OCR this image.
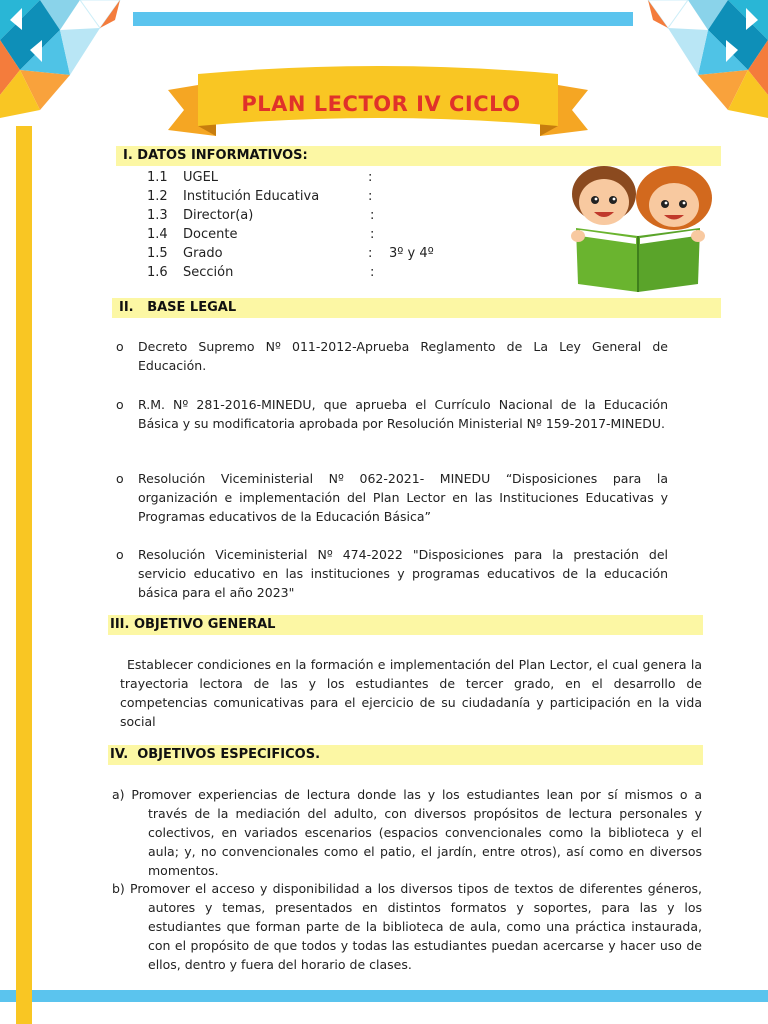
PLAN LECTOR IV CICLO
I. DATOS INFORMATIVOS:
1.1 UGEL	:
1.2 Institución Educativa	:
1.3 Director(a)	:
1.4 Docente	:
1.5 Grado	: 3º y 4º
1.6 Sección	:
II.   BASE LEGAL
o Decreto Supremo Nº 011-2012-Aprueba Reglamento de La Ley General de Educación.
o R.M. Nº 281-2016-MINEDU, que aprueba el Currículo Nacional de la Educación Básica y su modificatoria aprobada por Resolución Ministerial Nº 159-2017-MINEDU.
o Resolución Viceministerial Nº 062-2021- MINEDU “Disposiciones para la organización e implementación del Plan Lector en las Instituciones Educativas y Programas educativos de la Educación Básica”
o Resolución Viceministerial Nº 474-2022 "Disposiciones para la prestación del servicio educativo en las instituciones y programas educativos de la educación básica para el año 2023"
III. OBJETIVO GENERAL
Establecer condiciones en la formación e implementación del Plan Lector, el cual genera la trayectoria lectora de las y los estudiantes de tercer grado, en el desarrollo de competencias comunicativas para el ejercicio de su ciudadanía y participación en la vida social
IV.  OBJETIVOS ESPECIFICOS.
a) Promover experiencias de lectura donde las y los estudiantes lean por sí mismos o a través de la mediación del adulto, con diversos propósitos de lectura personales y colectivos, en variados escenarios (espacios convencionales como la biblioteca y el aula; y, no convencionales como el patio, el jardín, entre otros), así como en diversos momentos.
b) Promover el acceso y disponibilidad a los diversos tipos de textos de diferentes géneros, autores y temas, presentados en distintos formatos y soportes, para las y los estudiantes que forman parte de la biblioteca de aula, como una práctica instaurada, con el propósito de que todos y todas las estudiantes puedan acercarse y hacer uso de ellos, dentro y fuera del horario de clases.
